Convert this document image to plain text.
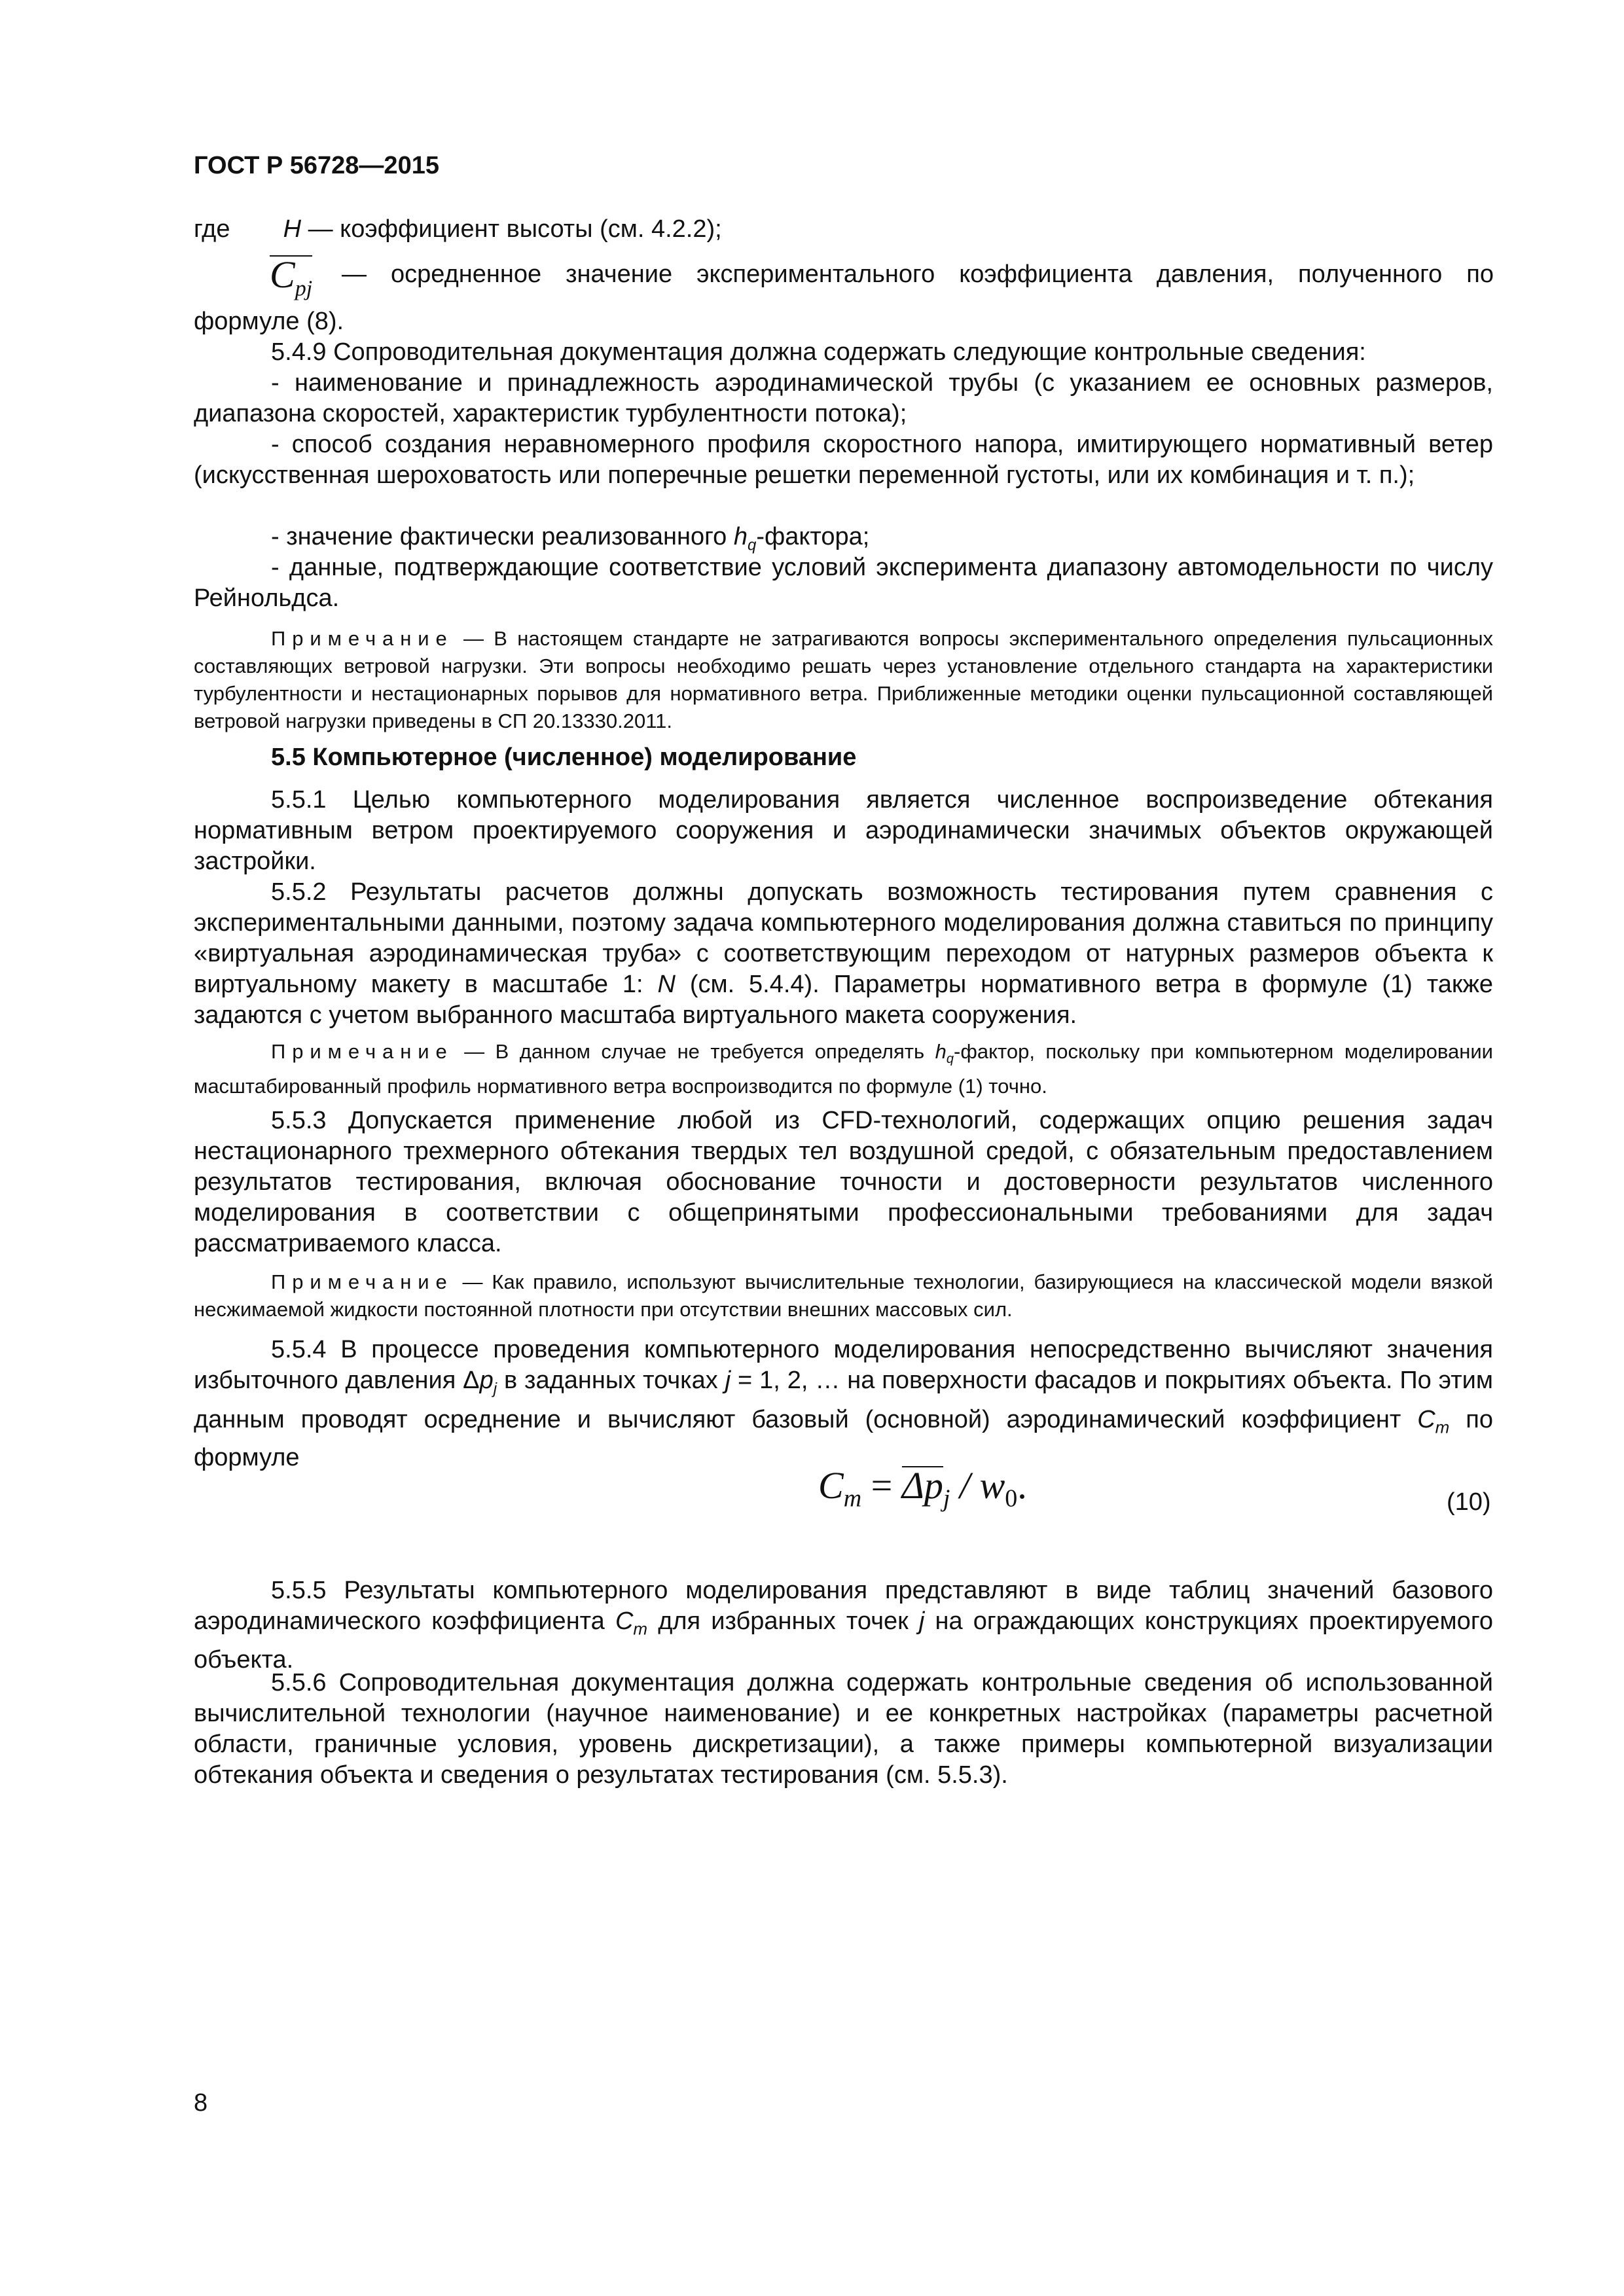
ГОСТ Р 56728—2015

где H — коэффициент высоты (см. 4.2.2);

$C_{pj}$
— осредненное значение экспериментального коэффициента давления, полученного по

формуле (8).

5.4.9 Сопроводительная документация должна содержать следующие контрольные сведения:

- наименование и принадлежность аэродинамической трубы (с указанием ее основных размеров, диапазона скоростей, характеристик турбулентности потока);

- способ создания неравномерного профиля скоростного напора, имитирующего нормативный ветер (искусственная шероховатость или поперечные решетки переменной густоты, или их комбинация и т. п.);

- значение фактически реализованного $h_q$-фактора;

- данные, подтверждающие соответствие условий эксперимента диапазону автомодельности по числу Рейнольдса.

Примечание — В настоящем стандарте не затрагиваются вопросы экспериментального определения пульсационных составляющих ветровой нагрузки. Эти вопросы необходимо решать через установление отдельного стандарта на характеристики турбулентности и нестационарных порывов для нормативного ветра. Приближенные методики оценки пульсационной составляющей ветровой нагрузки приведены в СП 20.13330.2011.

5.5 Компьютерное (численное) моделирование

5.5.1 Целью компьютерного моделирования является численное воспроизведение обтекания нормативным ветром проектируемого сооружения и аэродинамически значимых объектов окружающей застройки.

5.5.2 Результаты расчетов должны допускать возможность тестирования путем сравнения с экспериментальными данными, поэтому задача компьютерного моделирования должна ставиться по принципу «виртуальная аэродинамическая труба» с соответствующим переходом от натурных размеров объекта к виртуальному макету в масштабе 1: N (см. 5.4.4). Параметры нормативного ветра в формуле (1) также задаются с учетом выбранного масштаба виртуального макета сооружения.

Примечание — В данном случае не требуется определять $h_q$-фактор, поскольку при компьютерном моделировании масштабированный профиль нормативного ветра воспроизводится по формуле (1) точно.

5.5.3 Допускается применение любой из CFD-технологий, содержащих опцию решения задач нестационарного трехмерного обтекания твердых тел воздушной средой, с обязательным предоставлением результатов тестирования, включая обоснование точности и достоверности результатов численного моделирования в соответствии с общепринятыми профессиональными требованиями для задач рассматриваемого класса.

Примечание — Как правило, используют вычислительные технологии, базирующиеся на классической модели вязкой несжимаемой жидкости постоянной плотности при отсутствии внешних массовых сил.

5.5.4 В процессе проведения компьютерного моделирования непосредственно вычисляют значения избыточного давления $\Delta p_j$ в заданных точках j = 1, 2, … на поверхности фасадов и покрытиях объекта. По этим данным проводят осреднение и вычисляют базовый (основной) аэродинамический коэффициент $C_m$ по формуле

$C_m = \Delta p_j / w_0$.	(10)

5.5.5 Результаты компьютерного моделирования представляют в виде таблиц значений базового аэродинамического коэффициента $C_m$ для избранных точек j на ограждающих конструкциях проектируемого объекта.

5.5.6 Сопроводительная документация должна содержать контрольные сведения об использованной вычислительной технологии (научное наименование) и ее конкретных настройках (параметры расчетной области, граничные условия, уровень дискретизации), а также примеры компьютерной визуализации обтекания объекта и сведения о результатах тестирования (см. 5.5.3).

8
